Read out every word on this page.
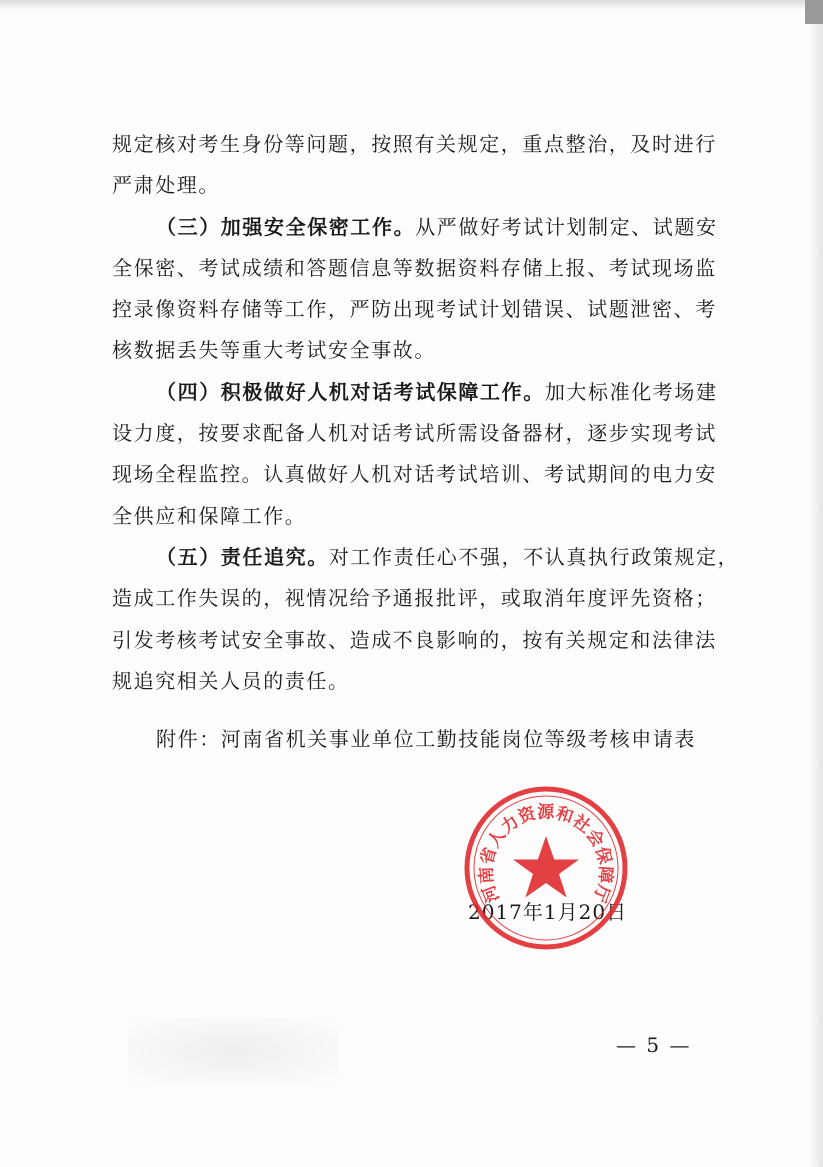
规定核对考生身份等问题，按照有关规定，重点整治，及时进行
严肃处理。
（三）加强安全保密工作。从严做好考试计划制定、试题安
全保密、考试成绩和答题信息等数据资料存储上报、考试现场监
控录像资料存储等工作，严防出现考试计划错误、试题泄密、考
核数据丢失等重大考试安全事故。
（四）积极做好人机对话考试保障工作。加大标准化考场建
设力度，按要求配备人机对话考试所需设备器材，逐步实现考试
现场全程监控。认真做好人机对话考试培训、考试期间的电力安
全供应和保障工作。
（五）责任追究。对工作责任心不强，不认真执行政策规定，
造成工作失误的，视情况给予通报批评，或取消年度评先资格；
引发考核考试安全事故、造成不良影响的，按有关规定和法律法
规追究相关人员的责任。
附件：河南省机关事业单位工勤技能岗位等级考核申请表
2017年1月20日
河南省人力资源和社会保障厅
— 5 —
